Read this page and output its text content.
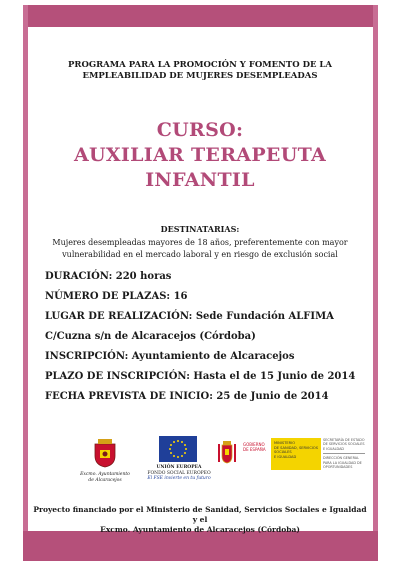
PROGRAMA PARA LA PROMOCIÓN Y FOMENTO DE LA
EMPLEABILIDAD DE MUJERES DESEMPLEADAS
CURSO:
AUXILIAR TERAPEUTA
INFANTIL
DESTINATARIAS:
Mujeres desempleadas mayores de 18 años, preferentemente con mayor
vulnerabilidad en el mercado laboral y en riesgo de exclusión social
DURACIÓN: 220 horas
NÚMERO DE PLAZAS: 16
LUGAR DE REALIZACIÓN: Sede Fundación ALFIMA
C/Cuzna s/n de Alcaracejos (Córdoba)
INSCRIPCIÓN: Ayuntamiento de Alcaracejos
PLAZO DE INSCRIPCIÓN: Hasta el de 15 Junio de 2014
FECHA PREVISTA DE INICIO: 25 de Junio de 2014
Excmo. Ayuntamiento
de Alcaracejos
UNIÓN EUROPEA
FONDO SOCIAL EUROPEO
El FSE invierte en tu futuro
GOBIERNO
DE ESPAÑA
MINISTERIO
DE SANIDAD, SERVICIOS SOCIALES
E IGUALDAD
SECRETARÍA DE ESTADO
DE SERVICIOS SOCIALES
E IGUALDAD
DIRECCIÓN GENERAL
PARA LA IGUALDAD DE OPORTUNIDADES
Proyecto financiado por el Ministerio de Sanidad, Servicios Sociales e Igualdad y el
Excmo. Ayuntamiento de Alcaracejos (Córdoba)
